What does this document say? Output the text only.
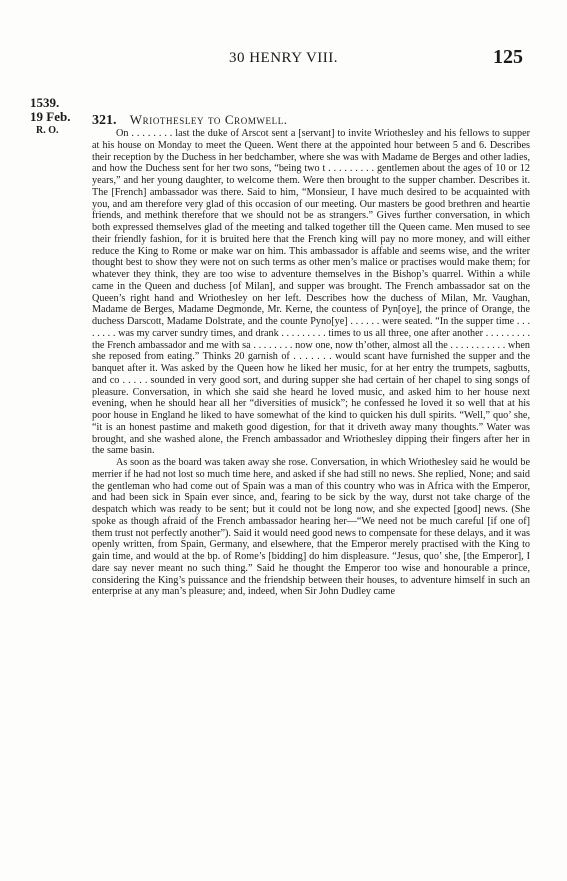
30 HENRY VIII.	125
1539.
19 Feb.
R. O.
321. Wriothesley to Cromwell.

On . . . . . . . . last the duke of Arscot sent a [servant] to invite Wriothesley and his fellows to supper at his house on Monday to meet the Queen. Went there at the appointed hour between 5 and 6. Describes their reception by the Duchess in her bedchamber, where she was with Madame de Berges and other ladies, and how the Duchess sent for her two sons, “being two t . . . . . . . . . gentlemen about the ages of 10 or 12 years,” and her young daughter, to welcome them. Were then brought to the supper chamber. Describes it. The [French] ambassador was there. Said to him, “Monsieur, I have much desired to be acquainted with you, and am therefore very glad of this occasion of our meeting. Our masters be good brethren and heartie friends, and methink therefore that we should not be as strangers.” Gives further conversation, in which both expressed themselves glad of the meeting and talked together till the Queen came. Men mused to see their friendly fashion, for it is bruited here that the French king will pay no more money, and will either reduce the King to Rome or make war on him. This ambassador is affable and seems wise, and the writer thought best to show they were not on such terms as other men’s malice or practises would make them; for whatever they think, they are too wise to adventure themselves in the Bishop’s quarrel. Within a while came in the Queen and duchess [of Milan], and supper was brought. The French ambassador sat on the Queen’s right hand and Wriothesley on her left. Describes how the duchess of Milan, Mr. Vaughan, Madame de Berges, Madame Degmonde, Mr. Kerne, the countess of Pyn[oye], the prince of Orange, the duchess Darscott, Madame Dolstrate, and the counte Pyno[ye] . . . . . . were seated. “In the supper time . . . . . . . . was my carver sundry times, and drank . . . . . . . . . times to us all three, one after another . . . . . . . . . the French ambassador and me with sa . . . . . . . . now one, now th’other, almost all the . . . . . . . . . . . when she reposed from eating.” Thinks 20 garnish of . . . . . . . would scant have furnished the supper and the banquet after it. Was asked by the Queen how he liked her music, for at her entry the trumpets, sagbutts, and co . . . . . sounded in very good sort, and during supper she had certain of her chapel to sing songs of pleasure. Conversation, in which she said she heard he loved music, and asked him to her house next evening, when he should hear all her “diversities of musick”; he confessed he loved it so well that at his poor house in England he liked to have somewhat of the kind to quicken his dull spirits. “Well,” quo’ she, “it is an honest pastime and maketh good digestion, for that it driveth away many thoughts.” Water was brought, and she washed alone, the French ambassador and Wriothesley dipping their fingers after her in the same basin.

As soon as the board was taken away she rose. Conversation, in which Wriothesley said he would be merrier if he had not lost so much time here, and asked if she had still no news. She replied, None; and said the gentleman who had come out of Spain was a man of this country who was in Africa with the Emperor, and had been sick in Spain ever since, and, fearing to be sick by the way, durst not take charge of the despatch which was ready to be sent; but it could not be long now, and she expected [good] news. (She spoke as though afraid of the French ambassador hearing her—“We need not be much careful [if one of] them trust not perfectly another”). Said it would need good news to compensate for these delays, and it was openly written, from Spain, Germany, and elsewhere, that the Emperor merely practised with the King to gain time, and would at the bp. of Rome’s [bidding] do him displeasure. “Jesus, quo’ she, [the Emperor], I dare say never meant no such thing.” Said he thought the Emperor too wise and honourable a prince, considering the King’s puissance and the friendship between their houses, to adventure himself in such an enterprise at any man’s pleasure; and, indeed, when Sir John Dudley came
